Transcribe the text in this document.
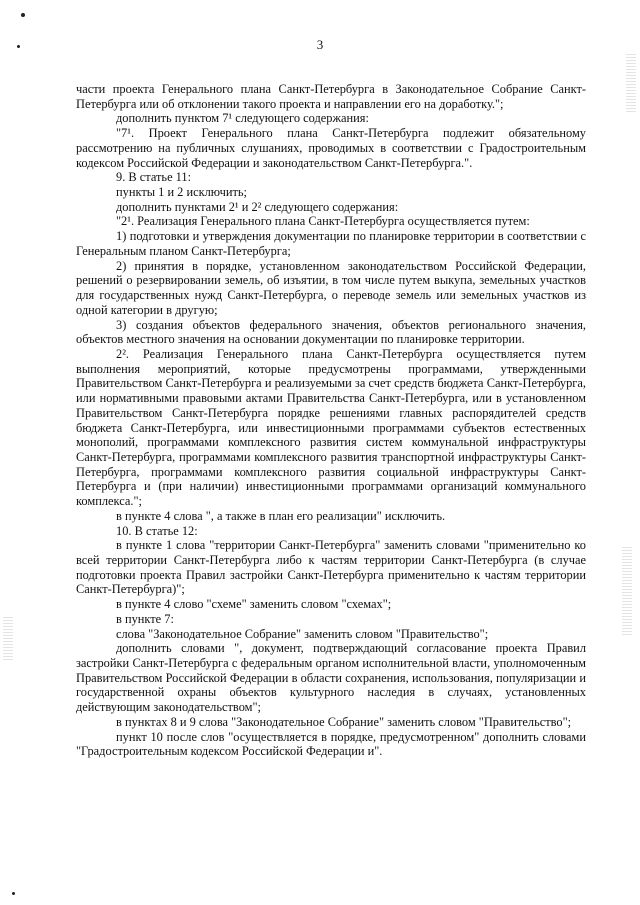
3

части проекта Генерального плана Санкт-Петербурга в Законодательное Собрание Санкт-Петербурга или об отклонении такого проекта и направлении его на доработку.";

дополнить пунктом 7¹ следующего содержания:

"7¹. Проект Генерального плана Санкт-Петербурга подлежит обязательному рассмотрению на публичных слушаниях, проводимых в соответствии с Градостроительным кодексом Российской Федерации и законодательством Санкт-Петербурга.".

9. В статье 11:

пункты 1 и 2 исключить;

дополнить пунктами 2¹ и 2² следующего содержания:

"2¹. Реализация Генерального плана Санкт-Петербурга осуществляется путем:

1) подготовки и утверждения документации по планировке территории в соответствии с Генеральным планом Санкт-Петербурга;

2) принятия в порядке, установленном законодательством Российской Федерации, решений о резервировании земель, об изъятии, в том числе путем выкупа, земельных участков для государственных нужд Санкт-Петербурга, о переводе земель или земельных участков из одной категории в другую;

3) создания объектов федерального значения, объектов регионального значения, объектов местного значения на основании документации по планировке территории.

2². Реализация Генерального плана Санкт-Петербурга осуществляется путем выполнения мероприятий, которые предусмотрены программами, утвержденными Правительством Санкт-Петербурга и реализуемыми за счет средств бюджета Санкт-Петербурга, или нормативными правовыми актами Правительства Санкт-Петербурга, или в установленном Правительством Санкт-Петербурга порядке решениями главных распорядителей средств бюджета Санкт-Петербурга, или инвестиционными программами субъектов естественных монополий, программами комплексного развития систем коммунальной инфраструктуры Санкт-Петербурга, программами комплексного развития транспортной инфраструктуры Санкт-Петербурга, программами комплексного развития социальной инфраструктуры Санкт-Петербурга и (при наличии) инвестиционными программами организаций коммунального комплекса.";

в пункте 4 слова ", а также в план его реализации" исключить.

10. В статье 12:

в пункте 1 слова "территории Санкт-Петербурга" заменить словами "применительно ко всей территории Санкт-Петербурга либо к частям территории Санкт-Петербурга (в случае подготовки проекта Правил застройки Санкт-Петербурга применительно к частям территории Санкт-Петербурга)";

в пункте 4 слово "схеме" заменить словом "схемах";

в пункте 7:

слова "Законодательное Собрание" заменить словом "Правительство";

дополнить словами ", документ, подтверждающий согласование проекта Правил застройки Санкт-Петербурга с федеральным органом исполнительной власти, уполномоченным Правительством Российской Федерации в области сохранения, использования, популяризации и государственной охраны объектов культурного наследия в случаях, установленных действующим законодательством";

в пунктах 8 и 9 слова "Законодательное Собрание" заменить словом "Правительство";

пункт 10 после слов "осуществляется в порядке, предусмотренном" дополнить словами "Градостроительным кодексом Российской Федерации и".
